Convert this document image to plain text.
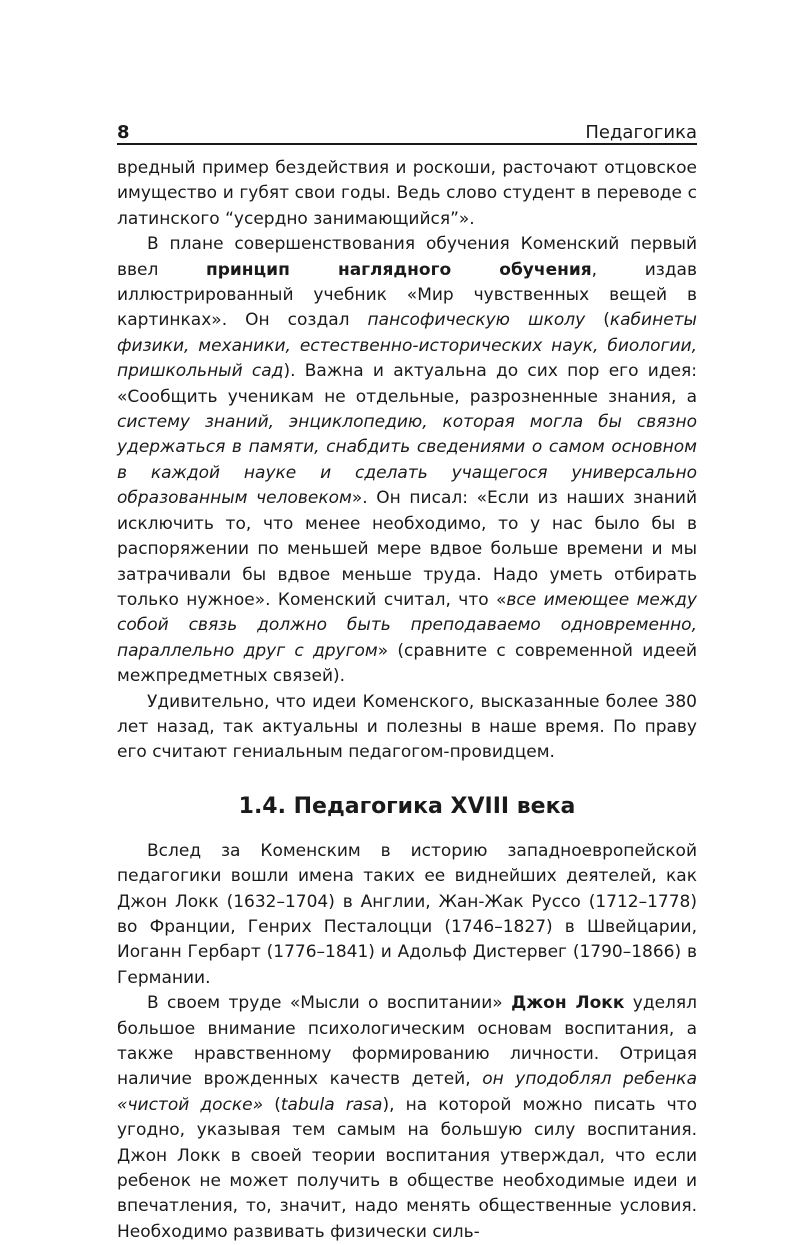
8	Педагогика

вредный пример бездействия и роскоши, расточают отцовское имущество и губят свои годы. Ведь слово студент в переводе с латинского “усердно занимающийся”».

В плане совершенствования обучения Коменский первый ввел принцип наглядного обучения, издав иллюстрированный учебник «Мир чувственных вещей в картинках». Он создал пансофическую школу (кабинеты физики, механики, естественно-исторических наук, биологии, пришкольный сад). Важна и актуальна до сих пор его идея: «Сообщить ученикам не отдельные, разрозненные знания, а систему знаний, энциклопедию, которая могла бы связно удержаться в памяти, снабдить сведениями о самом основном в каждой науке и сделать учащегося универсально образованным человеком». Он писал: «Если из наших знаний исключить то, что менее необходимо, то у нас было бы в распоряжении по меньшей мере вдвое больше времени и мы затрачивали бы вдвое меньше труда. Надо уметь отбирать только нужное». Коменский считал, что «все имеющее между собой связь должно быть преподаваемо одновременно, параллельно друг с другом» (сравните с современной идеей межпредметных связей).

Удивительно, что идеи Коменского, высказанные более 380 лет назад, так актуальны и полезны в наше время. По праву его считают гениальным педагогом-провидцем.

1.4. Педагогика XVIII века

Вслед за Коменским в историю западноевропейской педагогики вошли имена таких ее виднейших деятелей, как Джон Локк (1632–1704) в Англии, Жан-Жак Руссо (1712–1778) во Франции, Генрих Песталоцци (1746–1827) в Швейцарии, Иоганн Гербарт (1776–1841) и Адольф Дистервег (1790–1866) в Германии.

В своем труде «Мысли о воспитании» Джон Локк уделял большое внимание психологическим основам воспитания, а также нравственному формированию личности. Отрицая наличие врожденных качеств детей, он уподоблял ребенка «чистой доске» (tabula rasa), на которой можно писать что угодно, указывая тем самым на большую силу воспитания. Джон Локк в своей теории воспитания утверждал, что если ребенок не может получить в обществе необходимые идеи и впечатления, то, значит, надо менять общественные условия. Необходимо развивать физически силь-
